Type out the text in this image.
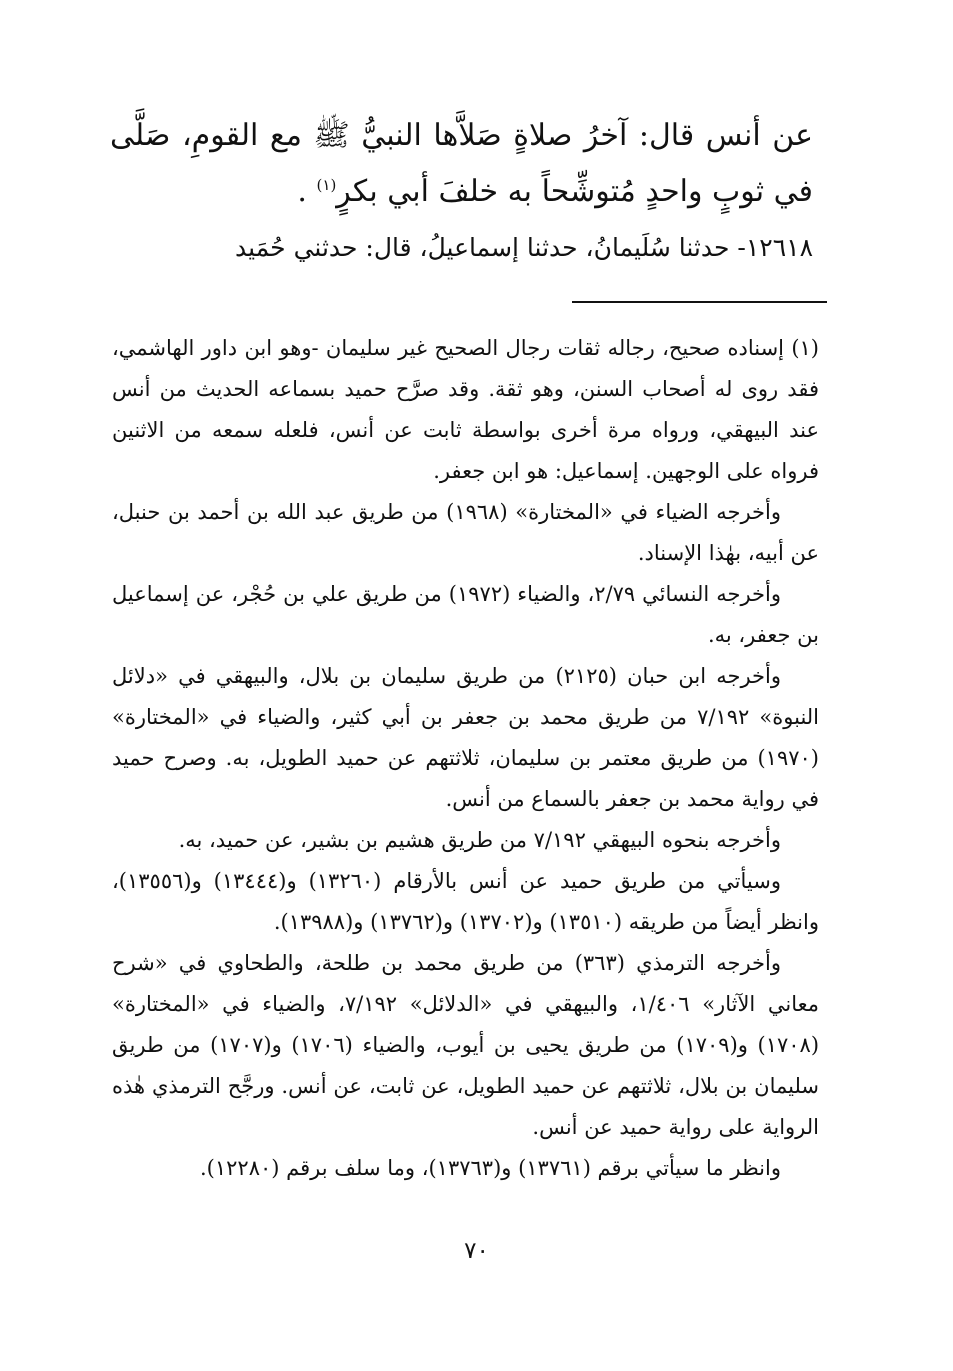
عن أنس قال: آخرُ صلاةٍ صَلاَّها النبيُّ ﷺ مع القومِ، صَلَّى في ثوبٍ واحدٍ مُتوشِّحاً به خلفَ أبي بكرٍ$^{(١)}$ .

١٢٦١٨- حدثنا سُلَيمانُ، حدثنا إسماعيلُ، قال: حدثني حُمَيد

(١) إسناده صحيح، رجاله ثقات رجال الصحيح غير سليمان -وهو ابن داور الهاشمي، فقد روى له أصحاب السنن، وهو ثقة. وقد صرَّح حميد بسماعه الحديث من أنس عند البيهقي، ورواه مرة أخرى بواسطة ثابت عن أنس، فلعله سمعه من الاثنين فرواه على الوجهين. إسماعيل: هو ابن جعفر.

وأخرجه الضياء في «المختارة» (١٩٦٨) من طريق عبد الله بن أحمد بن حنبل، عن أبيه، بهٰذا الإسناد.

وأخرجه النسائي ٢/٧٩، والضياء (١٩٧٢) من طريق علي بن حُجْر، عن إسماعيل بن جعفر، به.

وأخرجه ابن حبان (٢١٢٥) من طريق سليمان بن بلال، والبيهقي في «دلائل النبوة» ٧/١٩٢ من طريق محمد بن جعفر بن أبي كثير، والضياء في «المختارة» (١٩٧٠) من طريق معتمر بن سليمان، ثلاثتهم عن حميد الطويل، به. وصرح حميد في رواية محمد بن جعفر بالسماع من أنس.

وأخرجه بنحوه البيهقي ٧/١٩٢ من طريق هشيم بن بشير، عن حميد، به.

وسيأتي من طريق حميد عن أنس بالأرقام (١٣٢٦٠) و(١٣٤٤٤) و(١٣٥٥٦)، وانظر أيضاً من طريقه (١٣٥١٠) و(١٣٧٠٢) و(١٣٧٦٢) و(١٣٩٨٨).

وأخرجه الترمذي (٣٦٣) من طريق محمد بن طلحة، والطحاوي في «شرح معاني الآثار» ١/٤٠٦، والبيهقي في «الدلائل» ٧/١٩٢، والضياء في «المختارة» (١٧٠٨) و(١٧٠٩) من طريق يحيى بن أيوب، والضياء (١٧٠٦) و(١٧٠٧) من طريق سليمان بن بلال، ثلاثتهم عن حميد الطويل، عن ثابت، عن أنس. ورجَّح الترمذي هٰذه الرواية على رواية حميد عن أنس.

وانظر ما سيأتي برقم (١٣٧٦١) و(١٣٧٦٣)، وما سلف برقم (١٢٢٨٠).

٧٠
